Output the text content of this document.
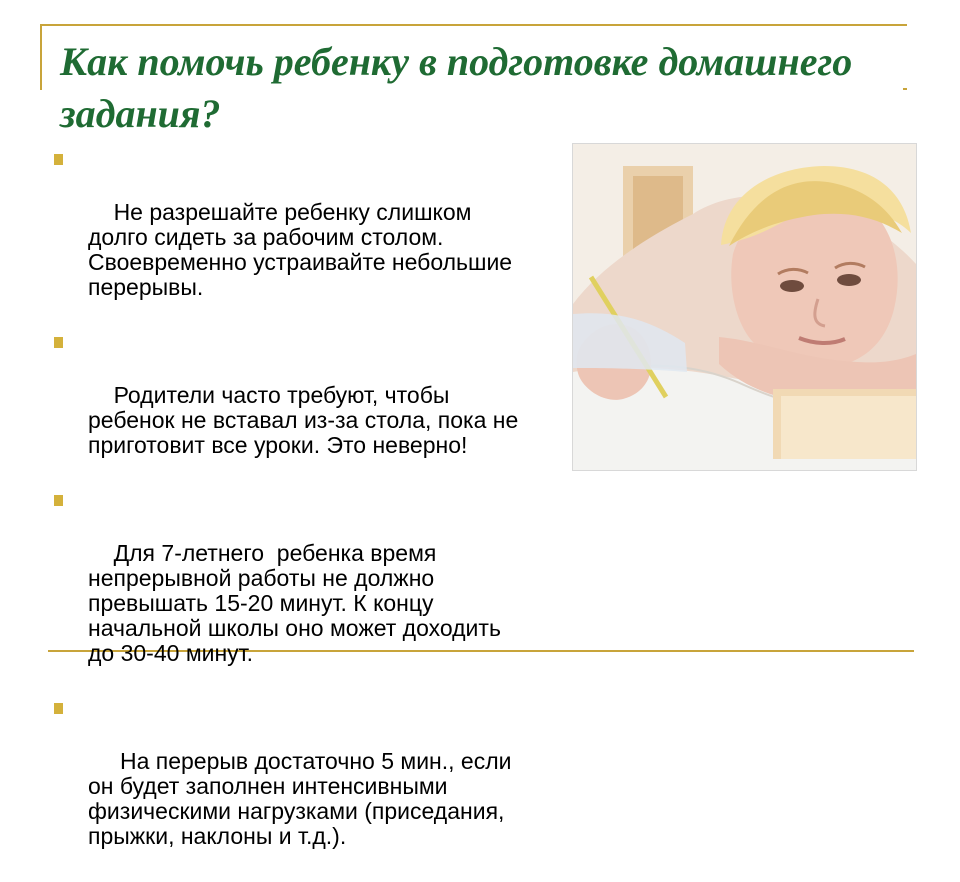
Как помочь ребенку в подготовке домашнего задания?

Не разрешайте ребенку слишком долго сидеть за рабочим столом. Своевременно устраивайте небольшие перерывы.

Родители часто требуют, чтобы ребенок не вставал из-за стола, пока не приготовит все уроки. Это неверно!

Для 7-летнего  ребенка время непрерывной работы не должно превышать 15-20 минут. К концу начальной школы оно может доходить до 30-40 минут.

На перерыв достаточно 5 мин., если он будет заполнен интенсивными физическими нагрузками (приседания, прыжки, наклоны и т.д.).
